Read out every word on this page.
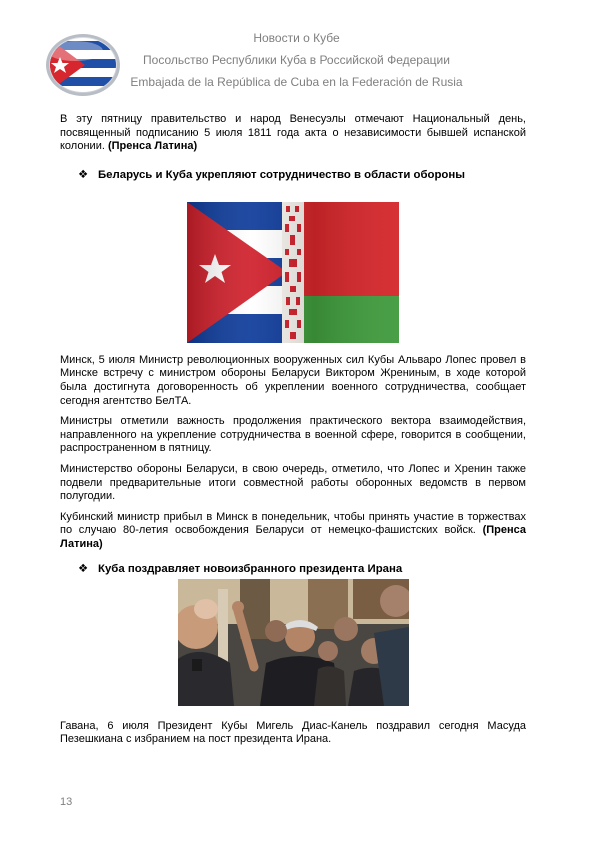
Новости о Кубе
Посольство Республики Куба в Российской Федерации
Embajada de la República de Cuba en la Federación de Rusia

В эту пятницу правительство и народ Венесуэлы отмечают Национальный день, посвященный подписанию 5 июля 1811 года акта о независимости бывшей испанской колонии. (Пренса Латина)

❖ Беларусь и Куба укрепляют сотрудничество в области обороны

Минск, 5 июля Министр революционных вооруженных сил Кубы Альваро Лопес провел в Минске встречу с министром обороны Беларуси Виктором Жрениным, в ходе которой была достигнута договоренность об укреплении военного сотрудничества, сообщает сегодня агентство БелТА.

Министры отметили важность продолжения практического вектора взаимодействия, направленного на укрепление сотрудничества в военной сфере, говорится в сообщении, распространенном в пятницу.

Министерство обороны Беларуси, в свою очередь, отметило, что Лопес и Хренин также подвели предварительные итоги совместной работы оборонных ведомств в первом полугодии.

Кубинский министр прибыл в Минск в понедельник, чтобы принять участие в торжествах по случаю 80-летия освобождения Беларуси от немецко-фашистских войск. (Пренса Латина)

❖ Куба поздравляет новоизбранного президента Ирана

Гавана, 6 июля Президент Кубы Мигель Диас-Канель поздравил сегодня Масуда Пезешкиана с избранием на пост президента Ирана.

13
